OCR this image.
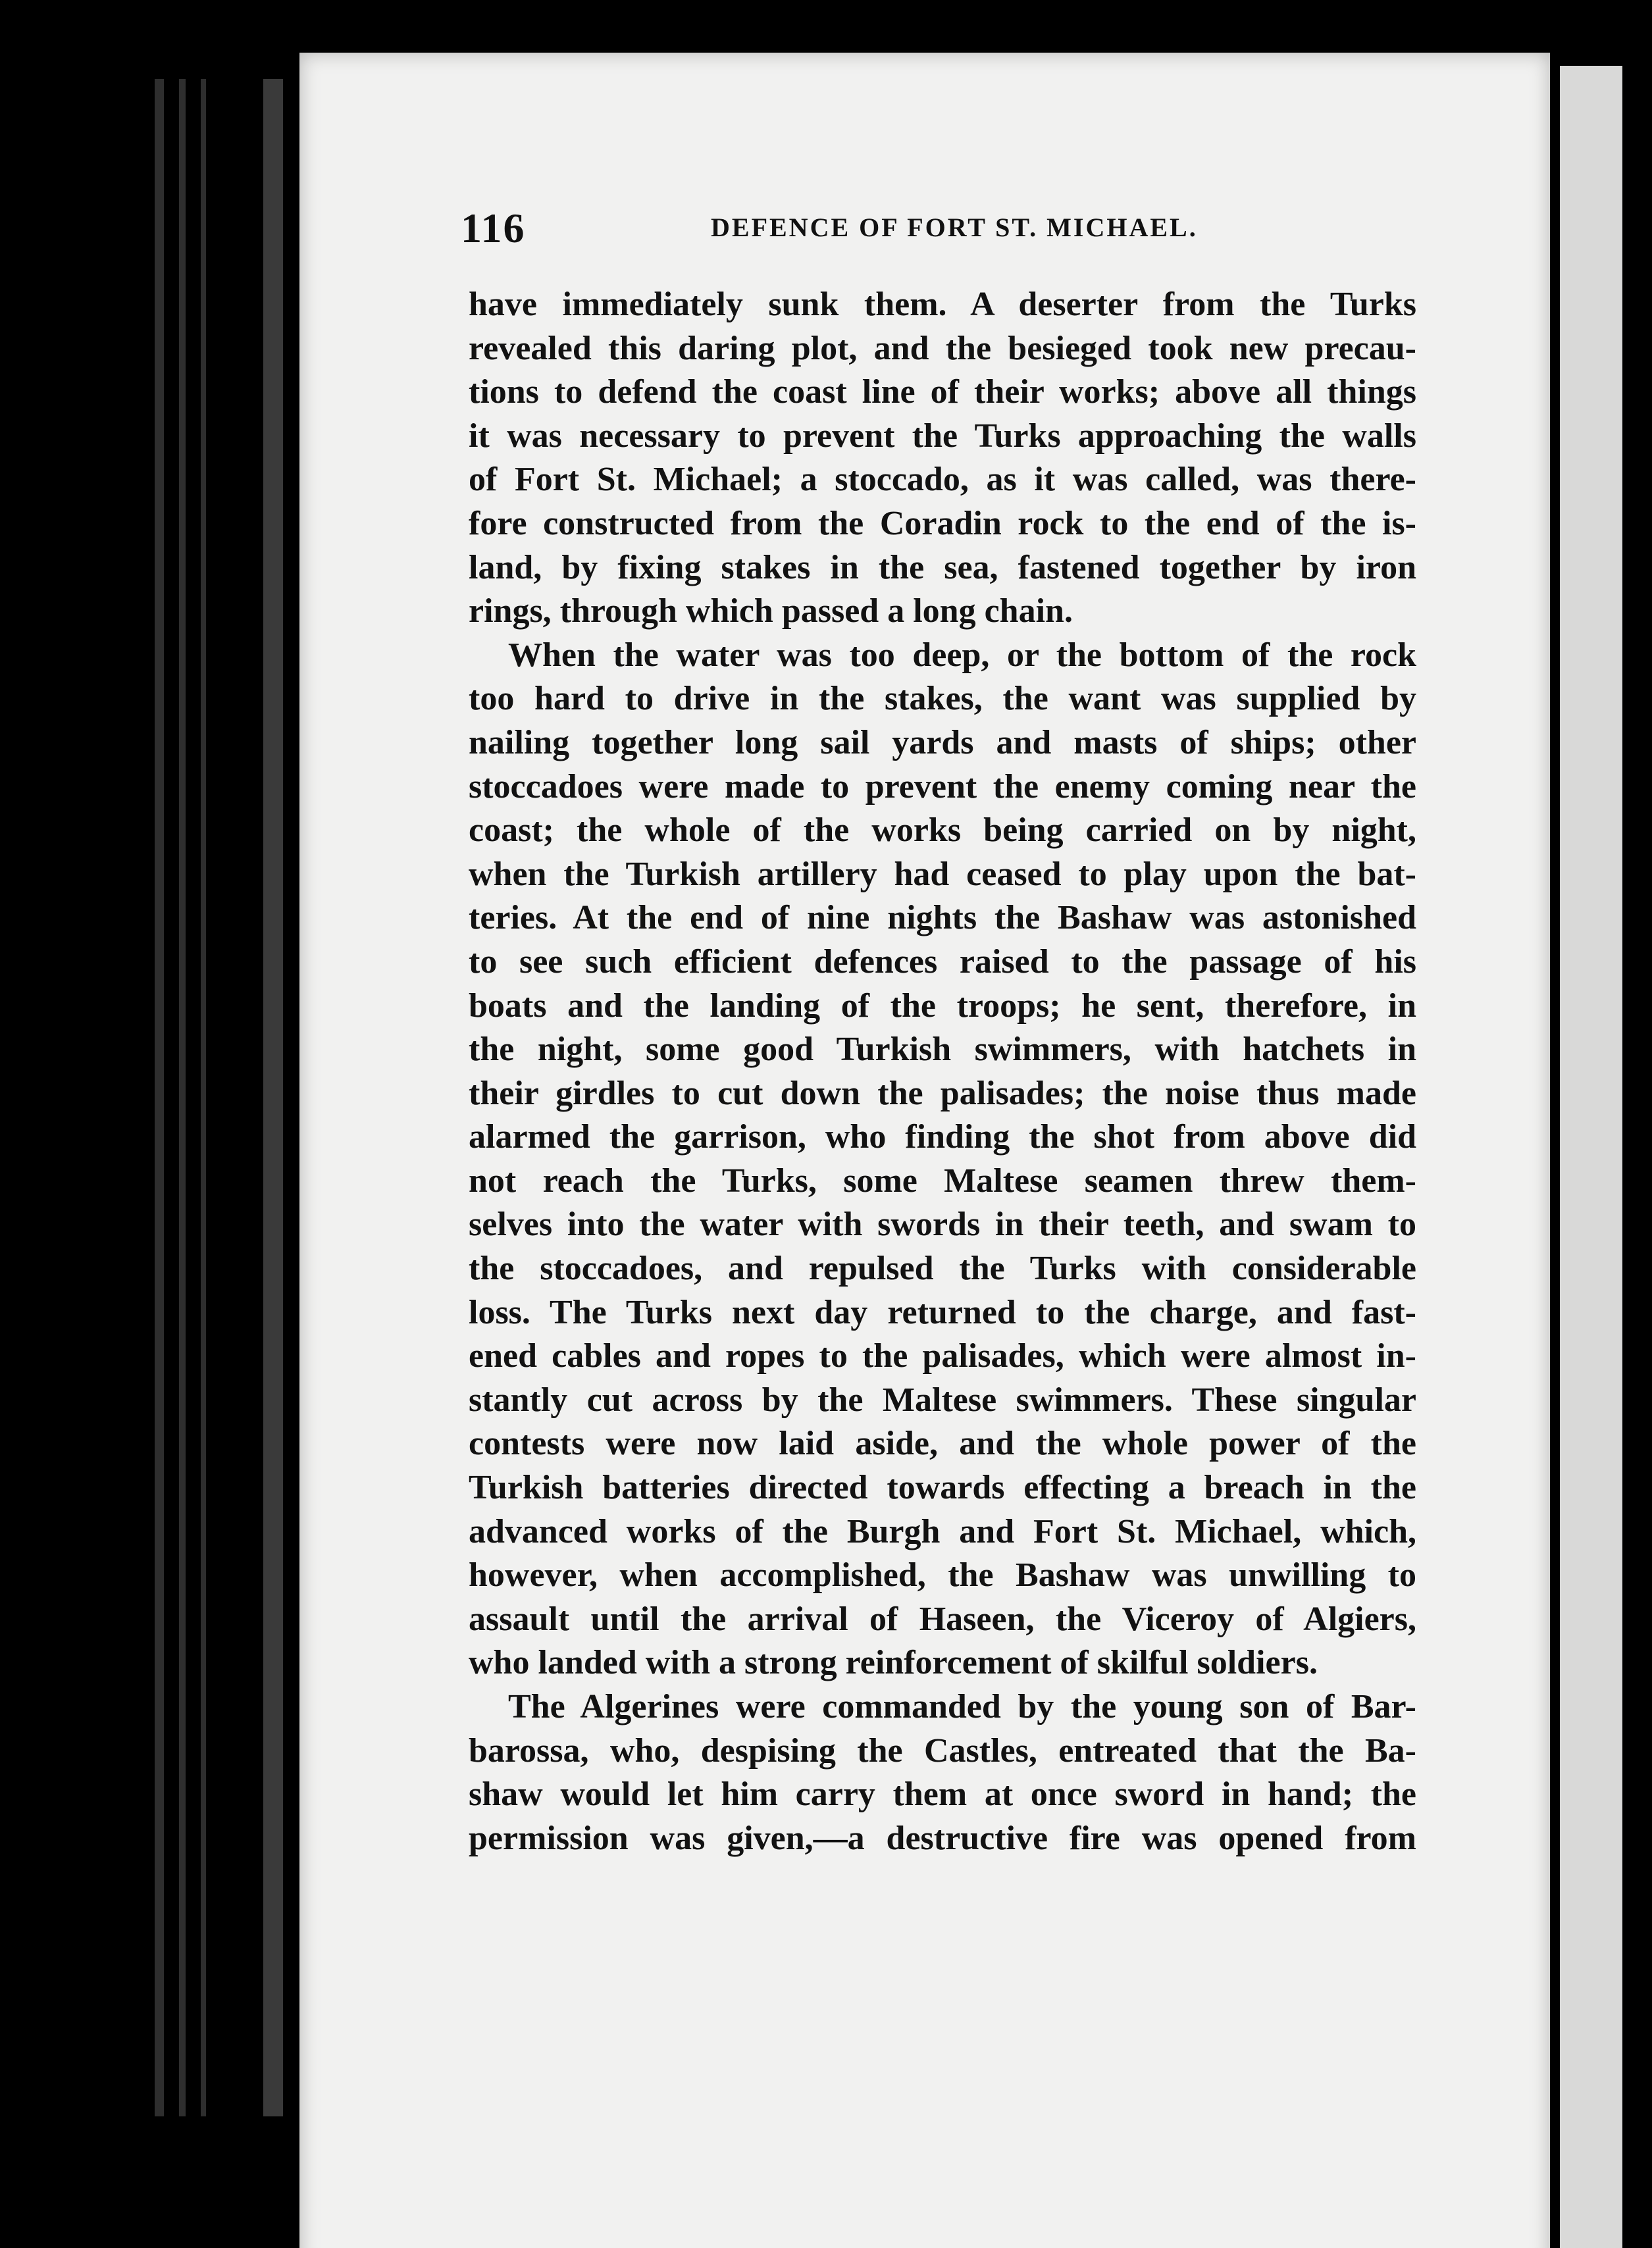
116	DEFENCE OF FORT ST. MICHAEL.
have immediately sunk them. A deserter from the Turks
revealed this daring plot, and the besieged took new precau-
tions to defend the coast line of their works; above all things
it was necessary to prevent the Turks approaching the walls
of Fort St. Michael; a stoccado, as it was called, was there-
fore constructed from the Coradin rock to the end of the is-
land, by fixing stakes in the sea, fastened together by iron
rings, through which passed a long chain.
When the water was too deep, or the bottom of the rock
too hard to drive in the stakes, the want was supplied by
nailing together long sail yards and masts of ships; other
stoccadoes were made to prevent the enemy coming near the
coast; the whole of the works being carried on by night,
when the Turkish artillery had ceased to play upon the bat-
teries. At the end of nine nights the Bashaw was astonished
to see such efficient defences raised to the passage of his
boats and the landing of the troops; he sent, therefore, in
the night, some good Turkish swimmers, with hatchets in
their girdles to cut down the palisades; the noise thus made
alarmed the garrison, who finding the shot from above did
not reach the Turks, some Maltese seamen threw them-
selves into the water with swords in their teeth, and swam to
the stoccadoes, and repulsed the Turks with considerable
loss. The Turks next day returned to the charge, and fast-
ened cables and ropes to the palisades, which were almost in-
stantly cut across by the Maltese swimmers. These singular
contests were now laid aside, and the whole power of the
Turkish batteries directed towards effecting a breach in the
advanced works of the Burgh and Fort St. Michael, which,
however, when accomplished, the Bashaw was unwilling to
assault until the arrival of Haseen, the Viceroy of Algiers,
who landed with a strong reinforcement of skilful soldiers.
The Algerines were commanded by the young son of Bar-
barossa, who, despising the Castles, entreated that the Ba-
shaw would let him carry them at once sword in hand; the
permission was given,—a destructive fire was opened from
